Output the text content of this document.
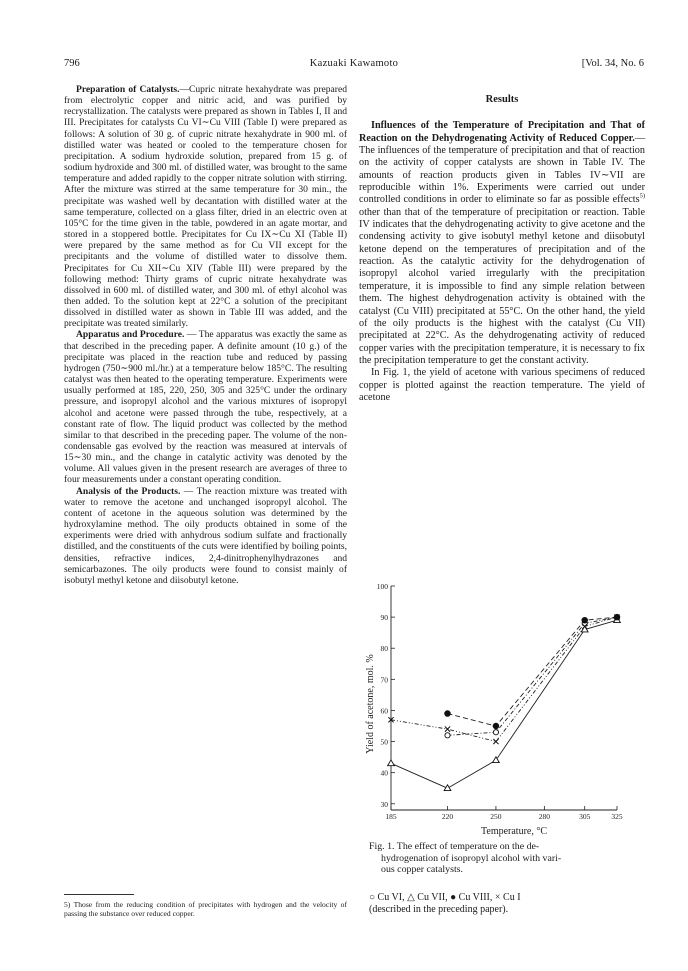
796	Kazuaki Kawamoto	[Vol. 34, No. 6

Preparation of Catalysts.—Cupric nitrate hexahydrate was prepared from electrolytic copper and nitric acid, and was purified by recrystallization. The catalysts were prepared as shown in Tables I, II and III. Precipitates for catalysts Cu VI∼Cu VIII (Table I) were prepared as follows: A solution of 30 g. of cupric nitrate hexahydrate in 900 ml. of distilled water was heated or cooled to the temperature chosen for precipitation. A sodium hydroxide solution, prepared from 15 g. of sodium hydroxide and 300 ml. of distilled water, was brought to the same temperature and added rapidly to the copper nitrate solution with stirring. After the mixture was stirred at the same temperature for 30 min., the precipitate was washed well by decantation with distilled water at the same temperature, collected on a glass filter, dried in an electric oven at 105°C for the time given in the table, powdered in an agate mortar, and stored in a stoppered bottle. Precipitates for Cu IX∼Cu XI (Table II) were prepared by the same method as for Cu VII except for the precipitants and the volume of distilled water to dissolve them. Precipitates for Cu XII∼Cu XIV (Table III) were prepared by the following method: Thirty grams of cupric nitrate hexahydrate was dissolved in 600 ml. of distilled water, and 300 ml. of ethyl alcohol was then added. To the solution kept at 22°C a solution of the precipitant dissolved in distilled water as shown in Table III was added, and the precipitate was treated similarly.

Apparatus and Procedure. — The apparatus was exactly the same as that described in the preceding paper. A definite amount (10 g.) of the precipitate was placed in the reaction tube and reduced by passing hydrogen (750∼900 ml./hr.) at a temperature below 185°C. The resulting catalyst was then heated to the operating temperature. Experiments were usually performed at 185, 220, 250, 305 and 325°C under the ordinary pressure, and isopropyl alcohol and the various mixtures of isopropyl alcohol and acetone were passed through the tube, respectively, at a constant rate of flow. The liquid product was collected by the method similar to that described in the preceding paper. The volume of the non-condensable gas evolved by the reaction was measured at intervals of 15∼30 min., and the change in catalytic activity was denoted by the volume. All values given in the present research are averages of three to four measurements under a constant operating condition.

Analysis of the Products. — The reaction mixture was treated with water to remove the acetone and unchanged isopropyl alcohol. The content of acetone in the aqueous solution was determined by the hydroxylamine method. The oily products obtained in some of the experiments were dried with anhydrous sodium sulfate and fractionally distilled, and the constituents of the cuts were identified by boiling points, densities, refractive indices, 2,4-dinitrophenylhydrazones and semicarbazones. The oily products were found to consist mainly of isobutyl methyl ketone and diisobutyl ketone.

5) Those from the reducing condition of precipitates with hydrogen and the velocity of passing the substance over reduced copper.
Results

Influences of the Temperature of Precipitation and That of Reaction on the Dehydrogenating Activity of Reduced Copper.—The influences of the temperature of precipitation and that of reaction on the activity of copper catalysts are shown in Table IV. The amounts of reaction products given in Tables IV∼VII are reproducible within 1%. Experiments were carried out under controlled conditions in order to eliminate so far as possible effects$^{5)}$ other than that of the temperature of precipitation or reaction. Table IV indicates that the dehydrogenating activity to give acetone and the condensing activity to give isobutyl methyl ketone and diisobutyl ketone depend on the temperatures of precipitation and of the reaction. As the catalytic activity for the dehydrogenation of isopropyl alcohol varied irregularly with the precipitation temperature, it is impossible to find any simple relation between them. The highest dehydrogenation activity is obtained with the catalyst (Cu VIII) precipitated at 55°C. On the other hand, the yield of the oily products is the highest with the catalyst (Cu VII) precipitated at 22°C. As the dehydrogenating activity of reduced copper varies with the precipitation temperature, it is necessary to fix the precipitation temperature to get the constant activity.

In Fig. 1, the yield of acetone with various specimens of reduced copper is plotted against the reaction temperature. The yield of acetone

30
40
50
60
70
80
90
100
185	220	250	280	305	325
Temperature, °C
Yield of acetone, mol. %
Fig. 1. The effect of temperature on the de-
hydrogenation of isopropyl alcohol with vari-
ous copper catalysts.
○ Cu VI, △ Cu VII, ● Cu VIII, × Cu I
(described in the preceding paper).
